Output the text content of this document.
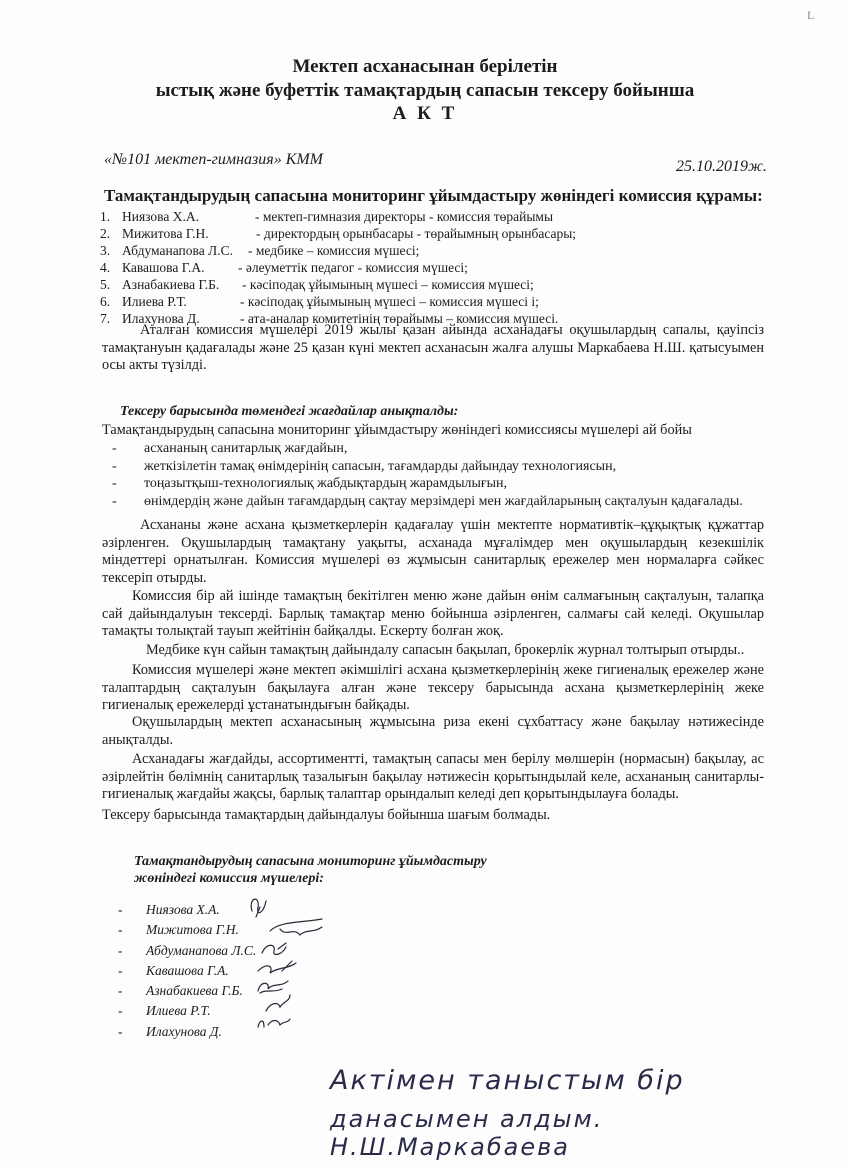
L
Мектеп асханасынан берілетін
ыстық және буфеттік тамақтардың сапасын тексеру бойынша
А К Т
«№101 мектеп-гимназия» КММ	25.10.2019ж.
Тамақтандырудың сапасына мониторинг ұйымдастыру жөніндегі комиссия құрамы:
1. Ниязова Х.А.	- мектеп-гимназия директоры - комиссия төрайымы
2. Мижитова Г.Н.	- директордың орынбасары - төрайымның орынбасары;
3. Абдуманапова Л.С. - медбике – комиссия мүшесі;
4. Кавашова Г.А. - әлеуметтік педагог - комиссия мүшесі;
5. Азнабакиева Г.Б. - кәсіподақ ұйымының мүшесі – комиссия мүшесі;
6. Илиева Р.Т.	- кәсіподақ ұйымының мүшесі – комиссия мүшесі і;
7. Илахунова Д.	- ата-аналар комитетінің төрайымы – комиссия мүшесі.
Аталған комиссия мүшелері 2019 жылы қазан айында асханадағы оқушылардың сапалы, қауіпсіз тамақтануын қадағалады және 25 қазан күні мектеп асханасын жалға алушы Маркабаева Н.Ш. қатысуымен осы акты түзілді.
Тексеру барысында төмендегі жағдайлар анықталды:
Тамақтандырудың сапасына мониторинг ұйымдастыру жөніндегі комиссиясы мүшелері ай бойы
- асхананың санитарлық жағдайын,
- жеткізілетін тамақ өнімдерінің сапасын, тағамдарды дайындау технологиясын,
- тоңазытқыш-технологиялық жабдықтардың жарамдылығын,
- өнімдердің және дайын тағамдардың сақтау мерзімдері мен жағдайларының сақталуын қадағалады.
Асхананы және асхана қызметкерлерін қадағалау үшін мектепте нормативтік–құқықтық құжаттар әзірленген. Оқушылардың тамақтану уақыты, асханада мұғалімдер мен оқушылардың кезекшілік міндеттері орнатылған. Комиссия мүшелері өз жұмысын санитарлық ережелер мен нормаларға сәйкес тексеріп отырды.
Комиссия бір ай ішінде тамақтың бекітілген меню және дайын өнім салмағының сақталуын, талапқа сай дайындалуын тексерді. Барлық тамақтар меню бойынша әзірленген, салмағы сай келеді. Оқушылар тамақты толықтай тауып жейтінін байқалды. Ескерту болған жоқ.
Медбике күн сайын тамақтың дайындалу сапасын бақылап, брокерлік журнал толтырып отырды..
Комиссия мүшелері және мектеп әкімшілігі асхана қызметкерлерінің жеке гигиеналық ережелер және талаптардың сақталуын бақылауға алған және тексеру барысында асхана қызметкерлерінің жеке гигиеналық ережелерді ұстанатындығын байқады.
Оқушылардың мектеп асханасының жұмысына риза екені сұхбаттасу және бақылау нәтижесінде анықталды.
Асханадағы жағдайды, ассортиментті, тамақтың сапасы мен берілу мөлшерін (нормасын) бақылау, ас әзірлейтін бөлімнің санитарлық тазалығын бақылау нәтижесін қорытындылай келе, асхананың санитарлы-гигиеналық жағдайы жақсы, барлық талаптар орындалып келеді деп қорытындылауға болады.
Тексеру барысында тамақтардың дайындалуы бойынша шағым болмады.
Тамақтандырудың сапасына мониторинг ұйымдастыру
жөніндегі комиссия мүшелері:
- Ниязова Х.А.
- Мижитова Г.Н.
- Абдуманапова Л.С.
- Кавашова Г.А.
- Азнабакиева Г.Б.
- Илиева Р.Т.
- Илахунова Д.
Актімен таныстым бір
данасымен алдым. Н.Ш.Маркабаева
